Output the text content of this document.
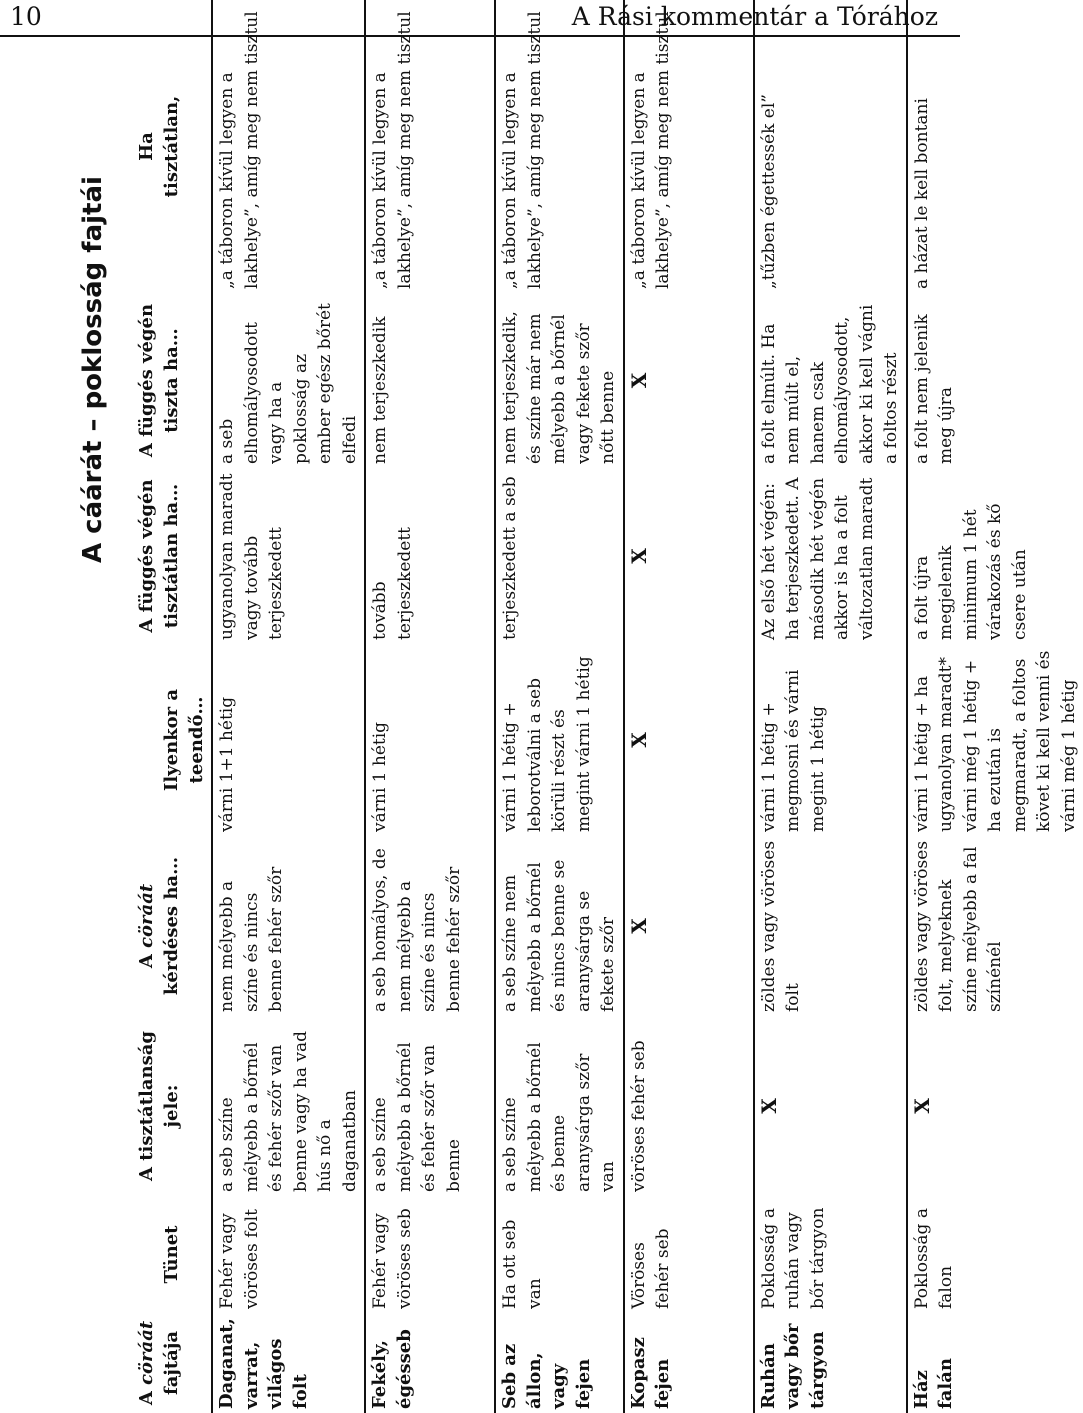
10	A Rási kommentár a Tórához
A cáárát – poklosság fajtái
A cöráát fajtája	Tünet	A tisztátlanság jele:	A cöráát kérdéses ha…	Ilyenkor a teendő…	A függés végén tisztátlan ha…	A függés végén tiszta ha…	Ha tisztátlan,
Daganat, varrat, világos folt	Fehér vagy vöröses folt	a seb színe mélyebb a bőrnél és fehér szőr van benne vagy ha vad hús nő a daganatban	nem mélyebb a színe és nincs benne fehér szőr	várni 1+1 hétig	ugyanolyan maradt vagy tovább terjeszkedett	a seb elhomályosodott vagy ha a poklosság az ember egész bőrét elfedi	„a táboron kívül legyen a lakhelye”, amíg meg nem tisztul
Fekély, égésseb	Fehér vagy vöröses seb	a seb színe mélyebb a bőrnél és fehér szőr van benne	a seb homályos, de nem mélyebb a színe és nincs benne fehér szőr	várni 1 hétig	tovább terjeszkedett	nem terjeszkedik	„a táboron kívül legyen a lakhelye”, amíg meg nem tisztul
Seb az állon, vagy fejen	Ha ott seb van	a seb színe mélyebb a bőrnél és benne aranysárga szőr van	a seb színe nem mélyebb a bőrnél és nincs benne se aranysárga se fekete szőr	várni 1 hétig + leborotválni a seb körüli részt és megint várni 1 hétig	terjeszkedett a seb	nem terjeszkedik, és színe már nem mélyebb a bőrnél vagy fekete szőr nőtt benne	„a táboron kívül legyen a lakhelye”, amíg meg nem tisztul
Kopasz fejen	Vöröses fehér seb	vöröses fehér seb	X	X	X	X	„a táboron kívül legyen a lakhelye”, amíg meg nem tisztul
Ruhán vagy bőr tárgyon	Poklosság a ruhán vagy bőr tárgyon	X	zöldes vagy vöröses folt	várni 1 hétig + megmosni és várni megint 1 hétig	Az első hét végén: ha terjeszkedett. A második hét végén akkor is ha a folt változatlan maradt	a folt elmúlt. Ha nem múlt el, hanem csak elhomályosodott, akkor ki kell vágni a foltos részt	„tűzben égettessék el”
Ház falán	Poklosság a falon	X	zöldes vagy vöröses folt, melyeknek színe mélyebb a fal színénél	várni 1 hétig + ha ugyanolyan maradt* várni még 1 hétig + ha ezután is megmaradt, a foltos követ ki kell venni és várni még 1 hétig	a folt újra megjelenik minimum 1 hét várakozás és kő csere után	a folt nem jelenik meg újra	a házat le kell bontani
